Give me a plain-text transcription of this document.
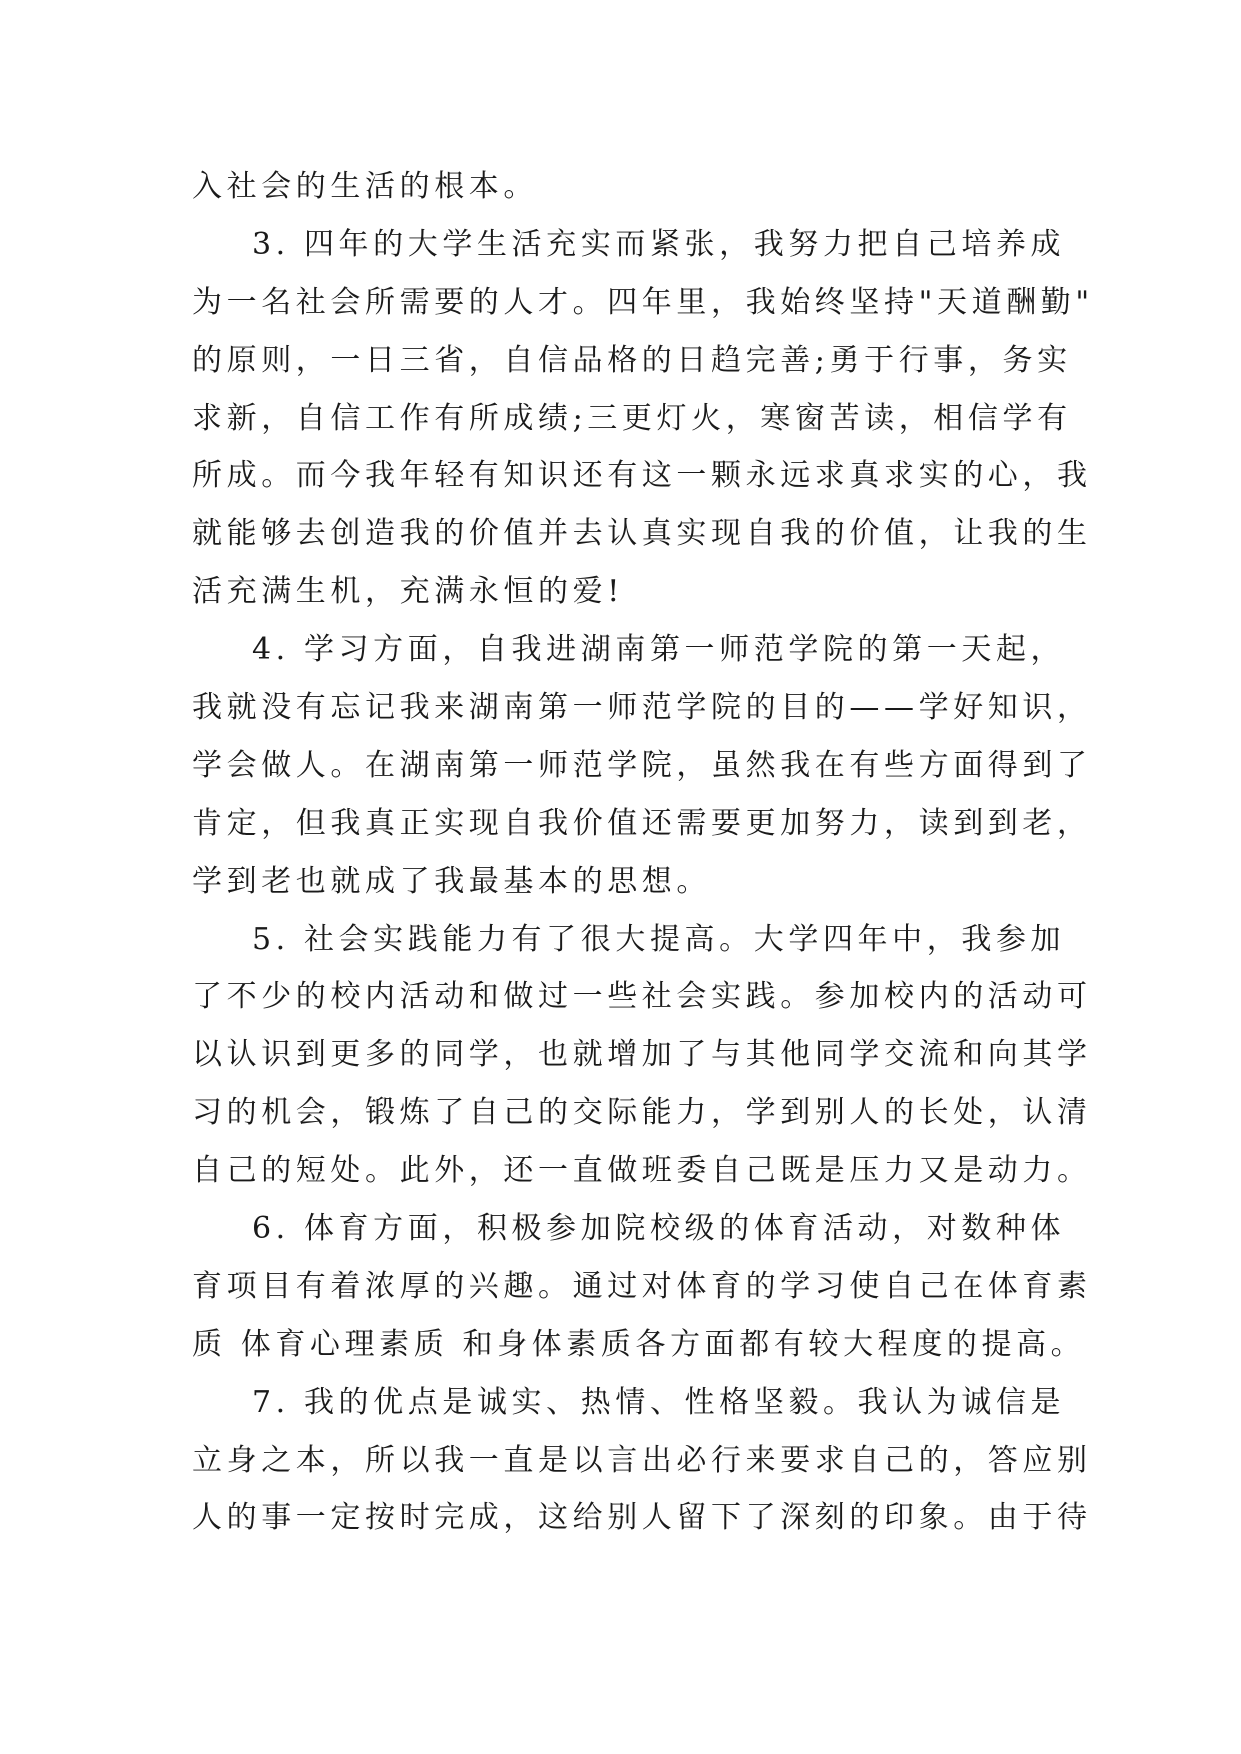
入社会的生活的根本。
3. 四年的大学生活充实而紧张，我努力把自己培养成
为一名社会所需要的人才。四年里，我始终坚持"天道酬勤"
的原则，一日三省，自信品格的日趋完善;勇于行事，务实
求新，自信工作有所成绩;三更灯火，寒窗苦读，相信学有
所成。而今我年轻有知识还有这一颗永远求真求实的心，我
就能够去创造我的价值并去认真实现自我的价值，让我的生
活充满生机，充满永恒的爱!
4. 学习方面，自我进湖南第一师范学院的第一天起，
我就没有忘记我来湖南第一师范学院的目的——学好知识，
学会做人。在湖南第一师范学院，虽然我在有些方面得到了
肯定，但我真正实现自我价值还需要更加努力，读到到老，
学到老也就成了我最基本的思想。
5. 社会实践能力有了很大提高。大学四年中，我参加
了不少的校内活动和做过一些社会实践。参加校内的活动可
以认识到更多的同学，也就增加了与其他同学交流和向其学
习的机会，锻炼了自己的交际能力，学到别人的长处，认清
自己的短处。此外，还一直做班委自己既是压力又是动力。
6. 体育方面，积极参加院校级的体育活动，对数种体
育项目有着浓厚的兴趣。通过对体育的学习使自己在体育素
质 体育心理素质 和身体素质各方面都有较大程度的提高。
7. 我的优点是诚实、热情、性格坚毅。我认为诚信是
立身之本，所以我一直是以言出必行来要求自己的，答应别
人的事一定按时完成，这给别人留下了深刻的印象。由于待
